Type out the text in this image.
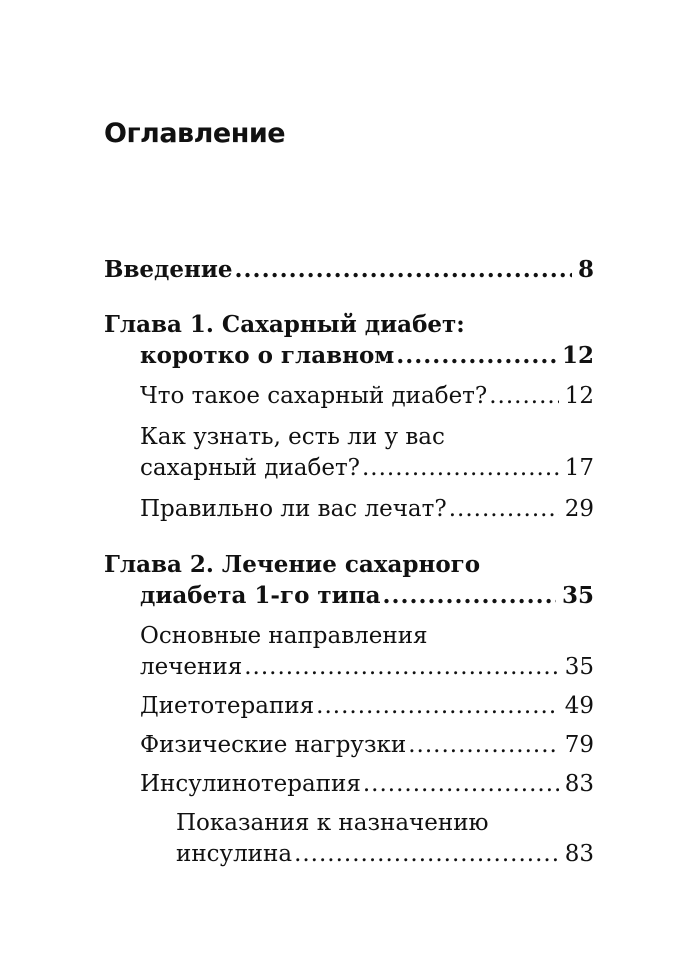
Оглавление
Введение .....	8
Глава 1. Сахарный диабет:
коротко о главном .....	12
Что такое сахарный диабет? .....	12
Как узнать, есть ли у вас
сахарный диабет? .....	17
Правильно ли вас лечат? .....	29
Глава 2. Лечение сахарного
диабета 1-го типа .....	35
Основные направления
лечения .....	35
Диетотерапия .....	49
Физические нагрузки .....	79
Инсулинотерапия .....	83
Показания к назначению
инсулина .....	83
